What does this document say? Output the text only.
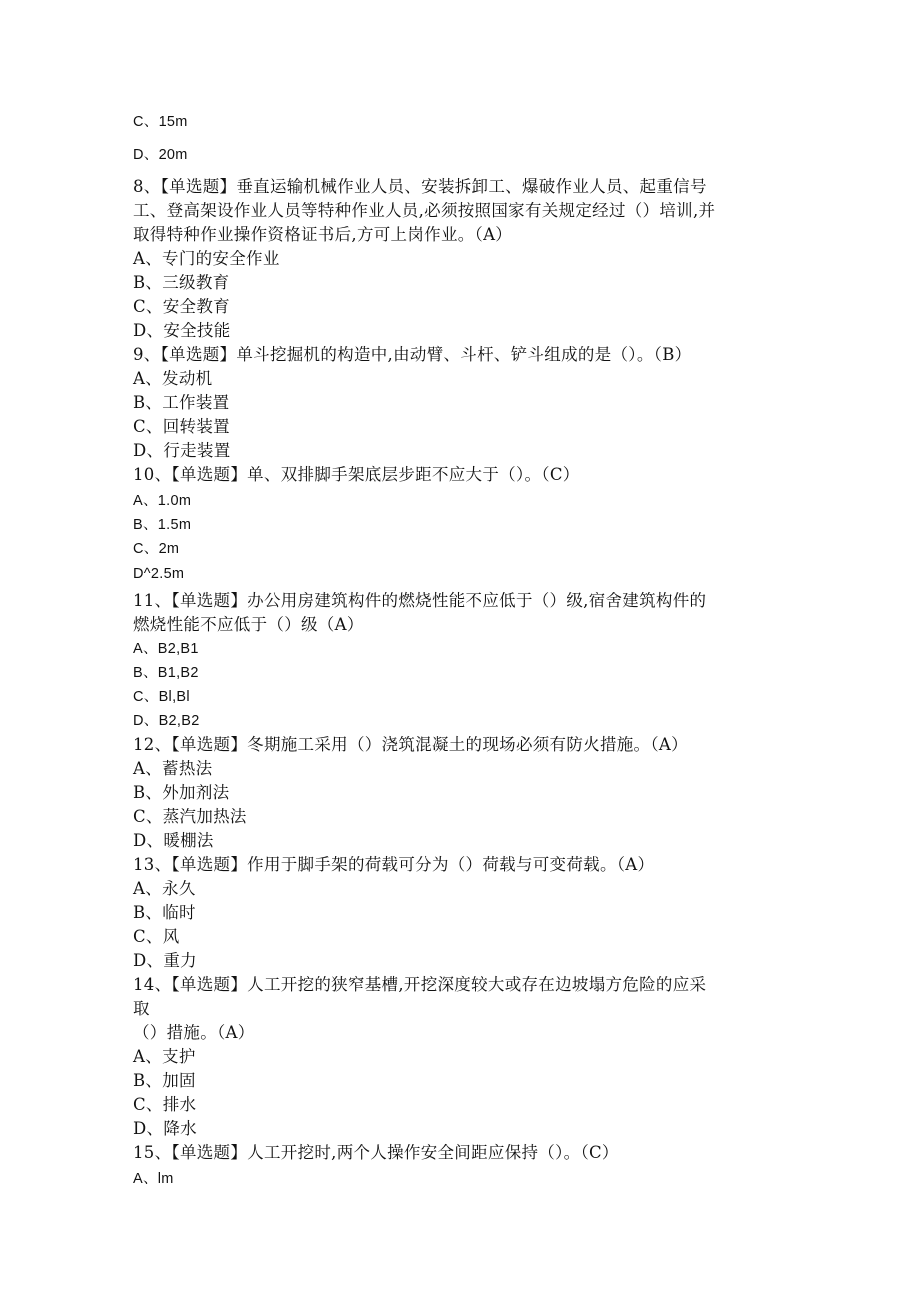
C、15m
D、20m
8、【单选题】垂直运输机械作业人员、安装拆卸工、爆破作业人员、起重信号
工、登高架设作业人员等特种作业人员,必须按照国家有关规定经过（）培训,并
取得特种作业操作资格证书后,方可上岗作业。（A）
A、专门的安全作业
B、三级教育
C、安全教育
D、安全技能
9、【单选题】单斗挖掘机的构造中,由动臂、斗杆、铲斗组成的是（）。（B）
A、发动机
B、工作装置
C、回转装置
D、行走装置
10、【单选题】单、双排脚手架底层步距不应大于（）。（C）
A、1.0m
B、1.5m
C、2m
D^2.5m
11、【单选题】办公用房建筑构件的燃烧性能不应低于（）级,宿舍建筑构件的
燃烧性能不应低于（）级（A）
A、B2,B1
B、B1,B2
C、Bl,Bl
D、B2,B2
12、【单选题】冬期施工采用（）浇筑混凝土的现场必须有防火措施。（A）
A、蓄热法
B、外加剂法
C、蒸汽加热法
D、暖棚法
13、【单选题】作用于脚手架的荷载可分为（）荷载与可变荷载。（A）
A、永久
B、临时
C、风
D、重力
14、【单选题】人工开挖的狭窄基槽,开挖深度较大或存在边坡塌方危险的应采
取
（）措施。（A）
A、支护
B、加固
C、排水
D、降水
15、【单选题】人工开挖时,两个人操作安全间距应保持（）。（C）
A、lm
